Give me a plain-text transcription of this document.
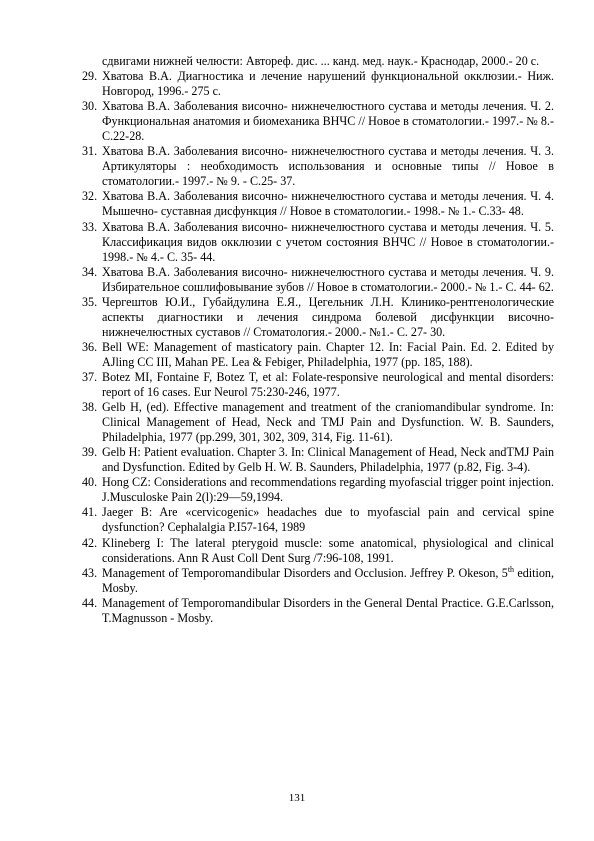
сдвигами нижней челюсти: Автореф. дис. ... канд. мед. наук.- Краснодар, 2000.- 20 с.

29. Хватова В.А. Диагностика и лечение нарушений функциональной окклюзии.- Ниж. Новгород, 1996.- 275 с.

30. Хватова В.А. Заболевания височно- нижнечелюстного сустава и методы лечения. Ч. 2. Функциональная анатомия и биомеханика ВНЧС // Новое в стоматологии.- 1997.- № 8.- С.22-28.

31. Хватова В.А. Заболевания височно- нижнечелюстного сустава и методы лечения. Ч. 3. Артикуляторы : необходимость использования и основные типы // Новое в стоматологии.- 1997.- № 9. - С.25- 37.

32. Хватова В.А. Заболевания височно- нижнечелюстного сустава и методы лечения. Ч. 4. Мышечно- суставная дисфункция // Новое в стоматологии.- 1998.- № 1.- С.33- 48.

33. Хватова В.А. Заболевания височно- нижнечелюстного сустава и методы лечения. Ч. 5. Классификация видов окклюзии с учетом состояния ВНЧС // Новое в стоматологии.- 1998.- № 4.- С. 35- 44.

34. Хватова В.А. Заболевания височно- нижнечелюстного сустава и методы лечения. Ч. 9. Избирательное сошлифовывание зубов // Новое в стоматологии.- 2000.- № 1.- С. 44- 62.

35. Чергештов Ю.И., Губайдулина Е.Я., Цегельник Л.Н. Клинико-рентгенологические аспекты диагностики и лечения синдрома болевой дисфункции височно- нижнечелюстных суставов // Стоматология.- 2000.- №1.- С. 27- 30.

36. Bell WE: Management of masticatory pain. Chapter 12. In: Facial Pain. Ed. 2. Edited by AJling CC III, Mahan PE. Lea & Febiger, Philadelphia, 1977 (pp. 185, 188).

37. Botez MI, Fontaine F, Botez T, et al: Folate-responsive neurological and mental disorders: report of 16 cases. Eur Neurol 75:230-246, 1977.

38. Gelb H, (ed). Effective management and treatment of the craniomandibular syndrome. In: Clinical Management of Head, Neck and TMJ Pain and Dysfunction. W. B. Saunders, Philadelphia, 1977 (pp.299, 301, 302, 309, 314, Fig. 11-61).

39. Gelb H: Patient evaluation. Chapter 3. In: Clinical Management of Head, Neck andTMJ Pain and Dysfunction. Edited by Gelb H. W. B. Saunders, Philadelphia, 1977 (p.82, Fig. 3-4).

40. Hong CZ: Considerations and recommendations regarding myofascial trigger point injection. J.Musculoske Pain 2(l):29—59,1994.

41. Jaeger B: Are «cervicogenic» headaches due to myofascial pain and cervical spine dysfunction? Cephalalgia P.I57-164, 1989

42. Klineberg I: The lateral pterygoid muscle: some anatomical, physiological and clinical considerations. Ann R Aust Coll Dent Surg /7:96-108, 1991.

43. Management of Temporomandibular Disorders and Occlusion. Jeffrey P. Okeson, 5th edition, Mosby.

44. Management of Temporomandibular Disorders in the General Dental Practice. G.E.Carlsson, T.Magnusson - Mosby.

131
